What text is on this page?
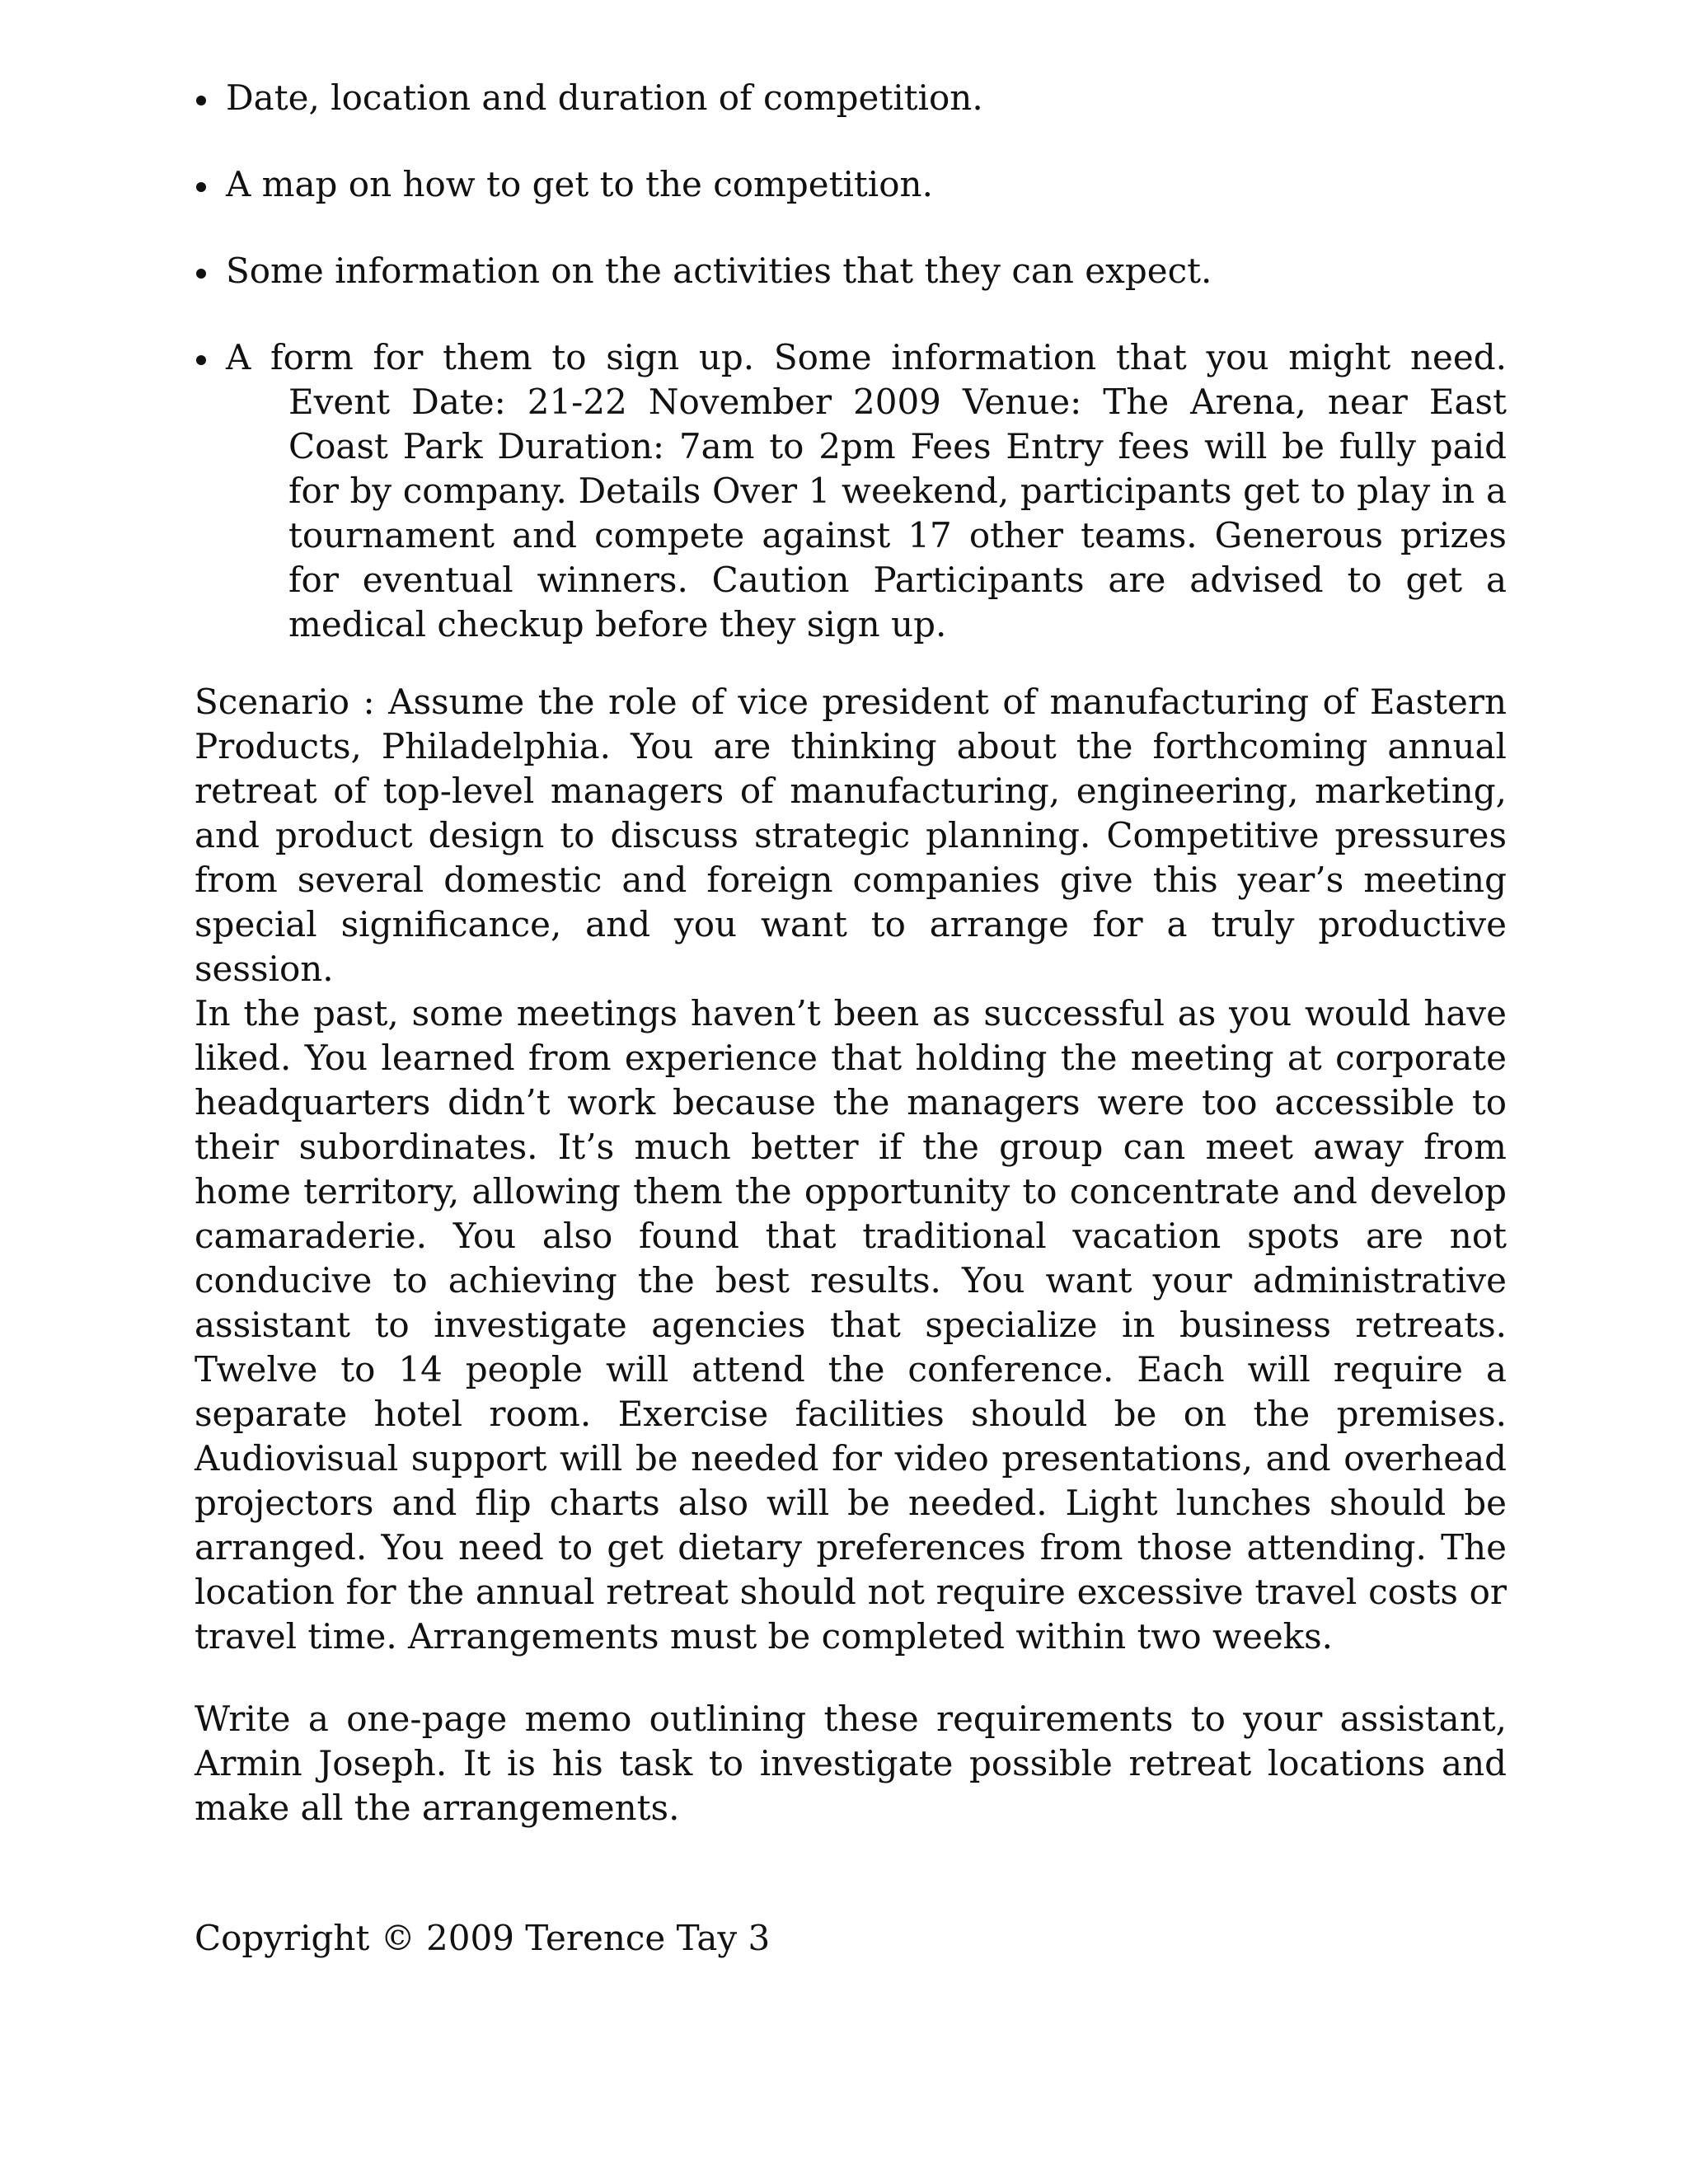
Date, location and duration of competition.
A map on how to get to the competition.
Some information on the activities that they can expect.
A form for them to sign up. Some information that you might need.
Event Date: 21-22 November 2009 Venue: The Arena, near East Coast Park Duration: 7am to 2pm Fees Entry fees will be fully paid for by company. Details Over 1 weekend, participants get to play in a tournament and compete against 17 other teams. Generous prizes for eventual winners. Caution Participants are advised to get a medical checkup before they sign up.

Scenario : Assume the role of vice president of manufacturing of Eastern Products, Philadelphia. You are thinking about the forthcoming annual retreat of top-level managers of manufacturing, engineering, marketing, and product design to discuss strategic planning. Competitive pressures from several domestic and foreign companies give this year’s meeting special significance, and you want to arrange for a truly productive session.

In the past, some meetings haven’t been as successful as you would have liked. You learned from experience that holding the meeting at corporate headquarters didn’t work because the managers were too accessible to their subordinates. It’s much better if the group can meet away from home territory, allowing them the opportunity to concentrate and develop camaraderie. You also found that traditional vacation spots are not conducive to achieving the best results. You want your administrative assistant to investigate agencies that specialize in business retreats. Twelve to 14 people will attend the conference. Each will require a separate hotel room. Exercise facilities should be on the premises. Audiovisual support will be needed for video presentations, and overhead projectors and flip charts also will be needed. Light lunches should be arranged. You need to get dietary preferences from those attending. The location for the annual retreat should not require excessive travel costs or travel time. Arrangements must be completed within two weeks.

Write a one-page memo outlining these requirements to your assistant, Armin Joseph. It is his task to investigate possible retreat locations and make all the arrangements.

Copyright © 2009 Terence Tay 3
